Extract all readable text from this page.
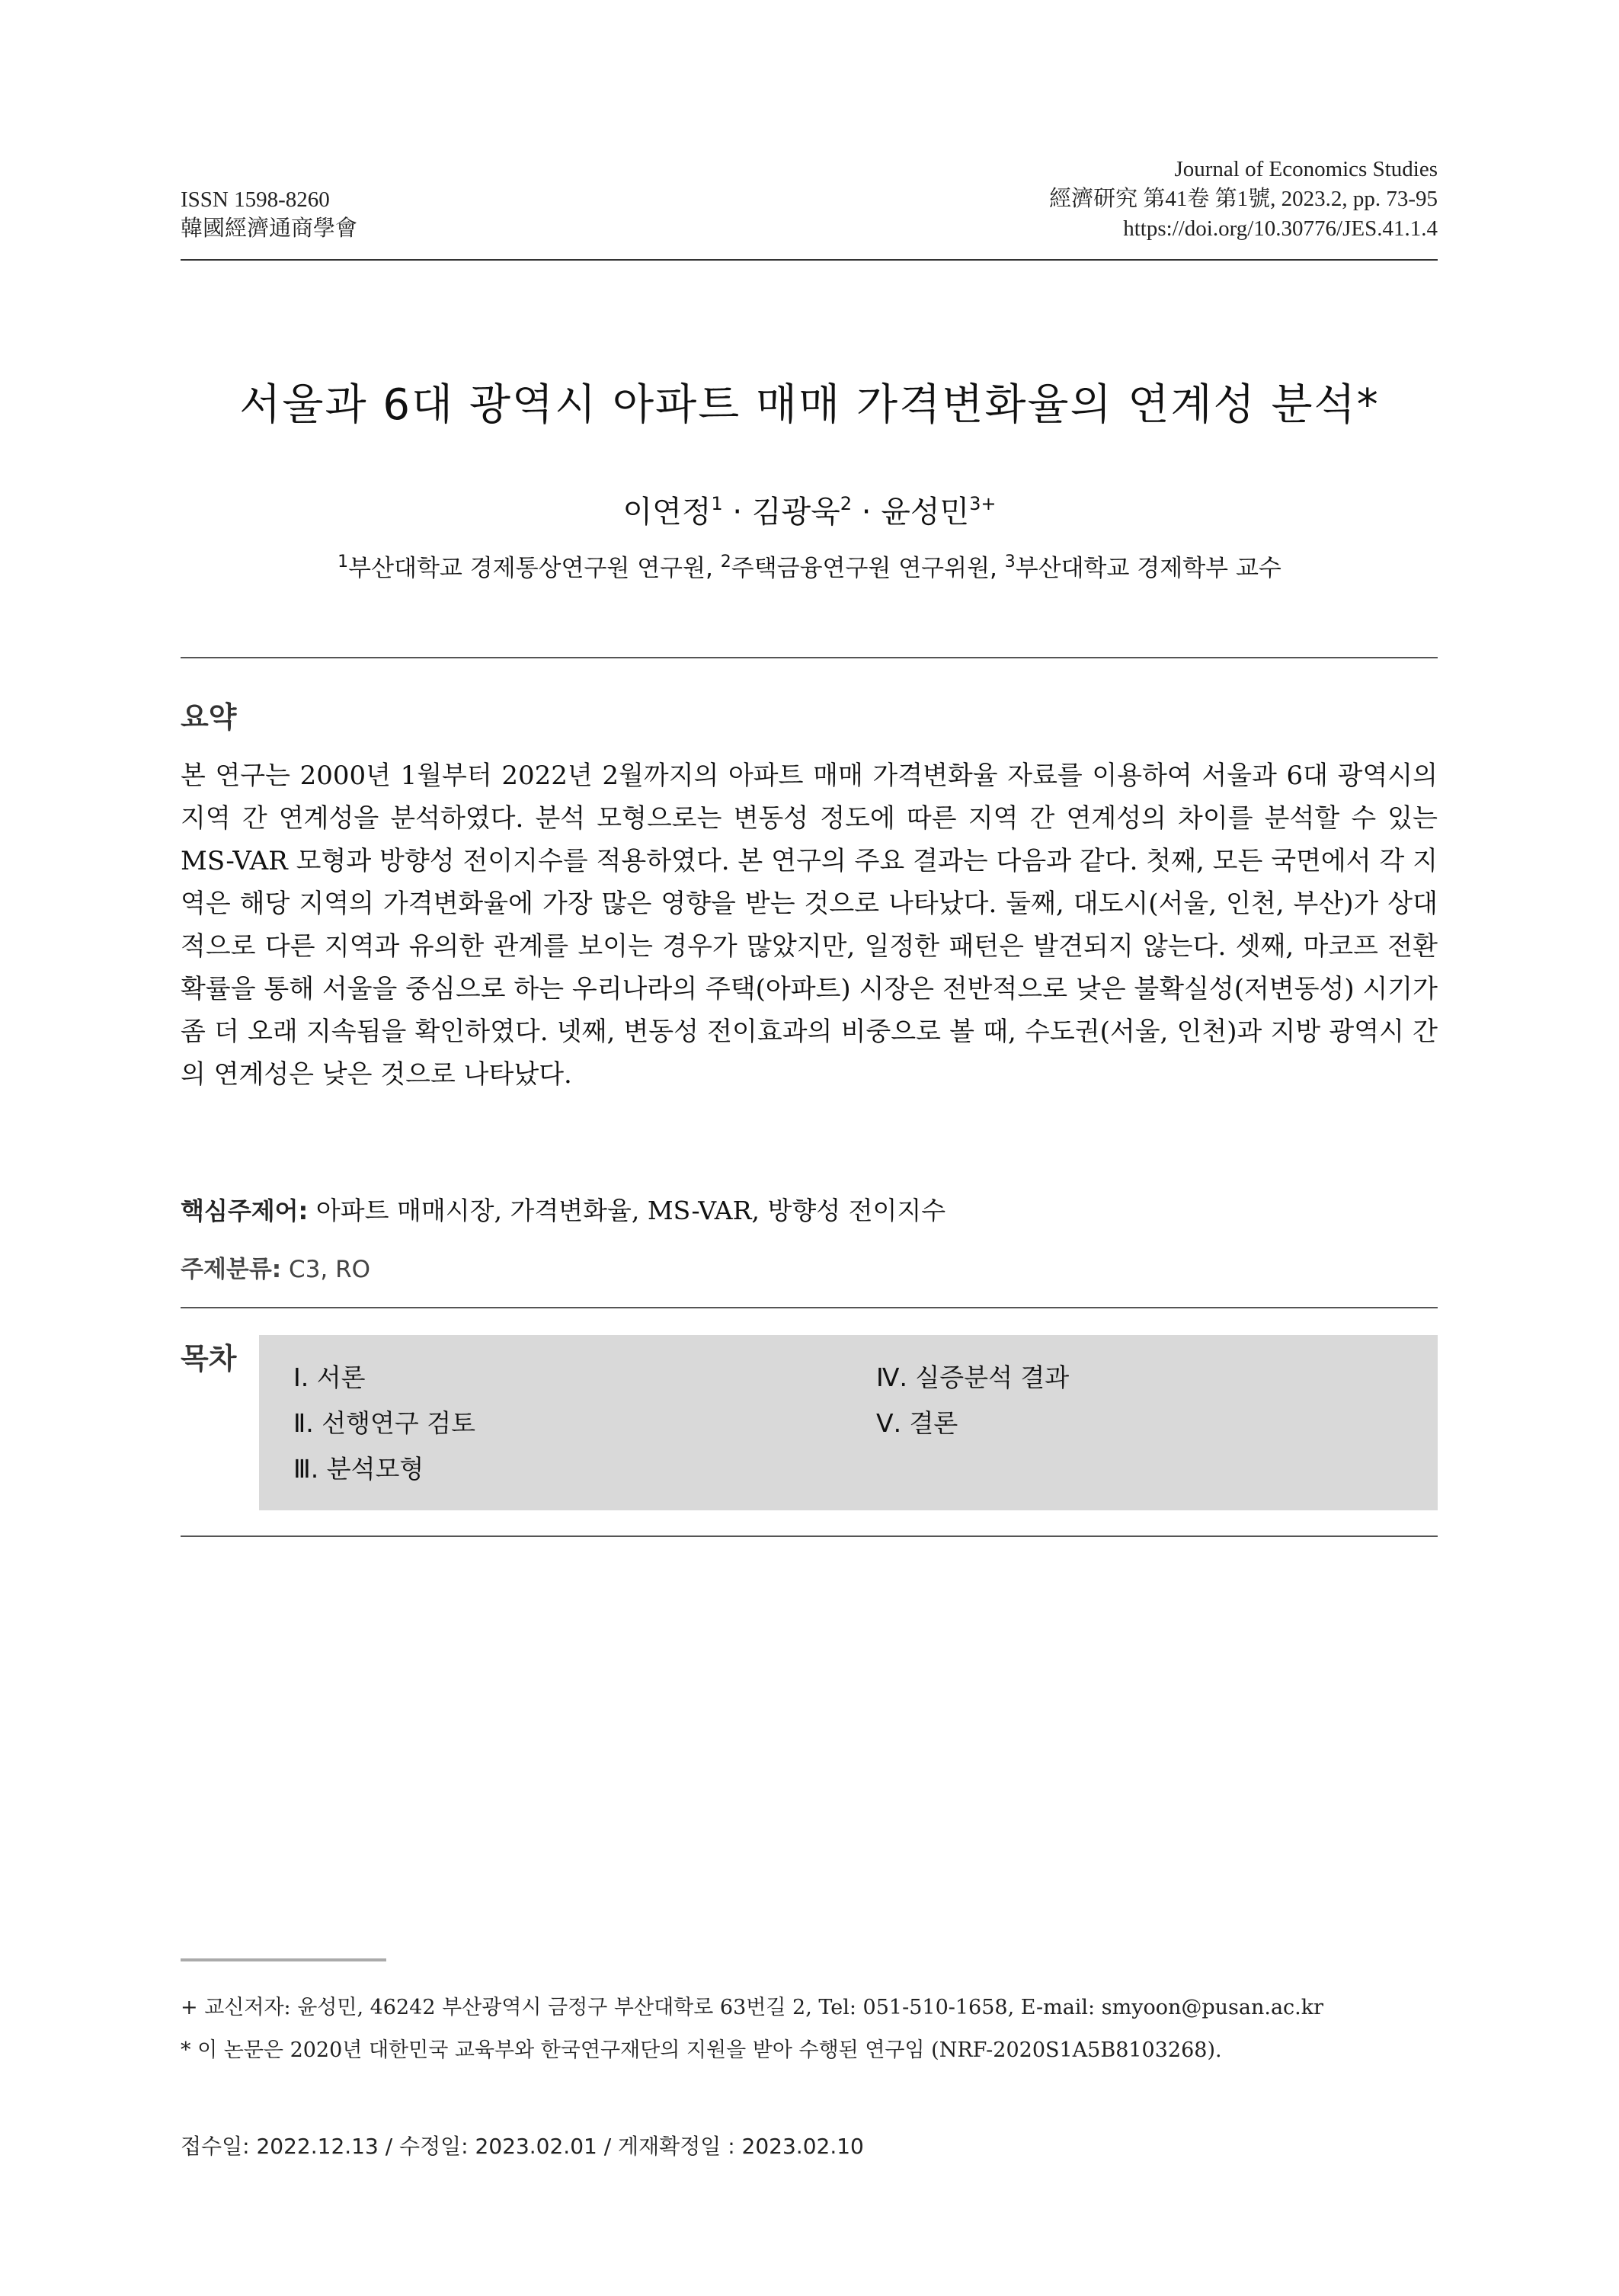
ISSN 1598-8260
韓國經濟通商學會
Journal of Economics Studies
經濟研究 第41卷 第1號, 2023.2, pp. 73-95
https://doi.org/10.30776/JES.41.1.4
서울과 6대 광역시 아파트 매매 가격변화율의 연계성 분석*
이연정$^1$ · 김광욱$^2$ · 윤성민$^{3+}$
$^1$부산대학교 경제통상연구원 연구원, $^2$주택금융연구원 연구위원, $^3$부산대학교 경제학부 교수
요약
본 연구는 2000년 1월부터 2022년 2월까지의 아파트 매매 가격변화율 자료를 이용하여 서울과 6대 광역시의 지역 간 연계성을 분석하였다. 분석 모형으로는 변동성 정도에 따른 지역 간 연계성의 차이를 분석할 수 있는 MS-VAR 모형과 방향성 전이지수를 적용하였다. 본 연구의 주요 결과는 다음과 같다. 첫째, 모든 국면에서 각 지역은 해당 지역의 가격변화율에 가장 많은 영향을 받는 것으로 나타났다. 둘째, 대도시(서울, 인천, 부산)가 상대적으로 다른 지역과 유의한 관계를 보이는 경우가 많았지만, 일정한 패턴은 발견되지 않는다. 셋째, 마코프 전환확률을 통해 서울을 중심으로 하는 우리나라의 주택(아파트) 시장은 전반적으로 낮은 불확실성(저변동성) 시기가 좀 더 오래 지속됨을 확인하였다. 넷째, 변동성 전이효과의 비중으로 볼 때, 수도권(서울, 인천)과 지방 광역시 간의 연계성은 낮은 것으로 나타났다.
핵심주제어: 아파트 매매시장, 가격변화율, MS-VAR, 방향성 전이지수
주제분류: C3, RO
목차
Ⅰ. 서론
Ⅱ. 선행연구 검토
Ⅲ. 분석모형
Ⅳ. 실증분석 결과
Ⅴ. 결론
+ 교신저자: 윤성민, 46242 부산광역시 금정구 부산대학로 63번길 2, Tel: 051-510-1658, E-mail: smyoon@pusan.ac.kr
* 이 논문은 2020년 대한민국 교육부와 한국연구재단의 지원을 받아 수행된 연구임 (NRF-2020S1A5B8103268).
접수일: 2022.12.13 / 수정일: 2023.02.01 / 게재확정일 : 2023.02.10
